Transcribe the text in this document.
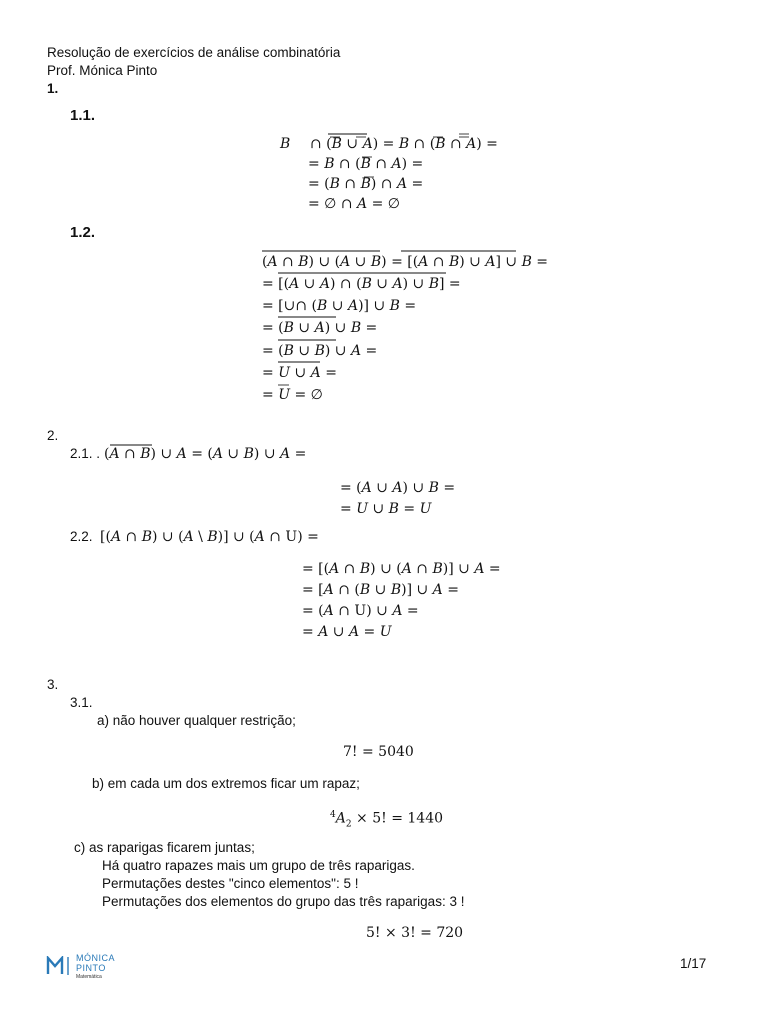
Resolução de exercícios de análise combinatória
Prof. Mónica Pinto
1.
1.1.
B ∩ (B ∪ A) = B ∩ (B ∩ A) =
= B ∩ (B ∩ A) =
= (B ∩ B) ∩ A =
= ∅ ∩ A = ∅
1.2.
(A ∩ B) ∪ (A ∪ B) = [(A ∩ B) ∪ A] ∪ B =
= [(A ∪ A) ∩ (B ∪ A) ∪ B] =
= [∪∩ (B ∪ A)] ∪ B =
= (B ∪ A) ∪ B =
= (B ∪ B) ∪ A =
= U ∪ A =
= U = ∅
2.
2.1. . (A ∩ B) ∪ A = (A ∪ B) ∪ A =
= (A ∪ A) ∪ B =
= U ∪ B = U
2.2. [(A ∩ B) ∪ (A \ B)] ∪ (A ∩ U) =
= [(A ∩ B) ∪ (A ∩ B)] ∪ A =
= [A ∩ (B ∪ B)] ∪ A =
= (A ∩ U) ∪ A =
= A ∪ A = U
3.
3.1.
a) não houver qualquer restrição;
7! = 5040
b) em cada um dos extremos ficar um rapaz;
$^4A_2 \times 5$! = 1440
c) as raparigas ficarem juntas;
Há quatro rapazes mais um grupo de três raparigas.
Permutações destes "cinco elementos": 5 !
Permutações dos elementos do grupo das três raparigas: 3 !
5! × 3! = 720
MÓNICA
PINTO
Matemática
1/17
